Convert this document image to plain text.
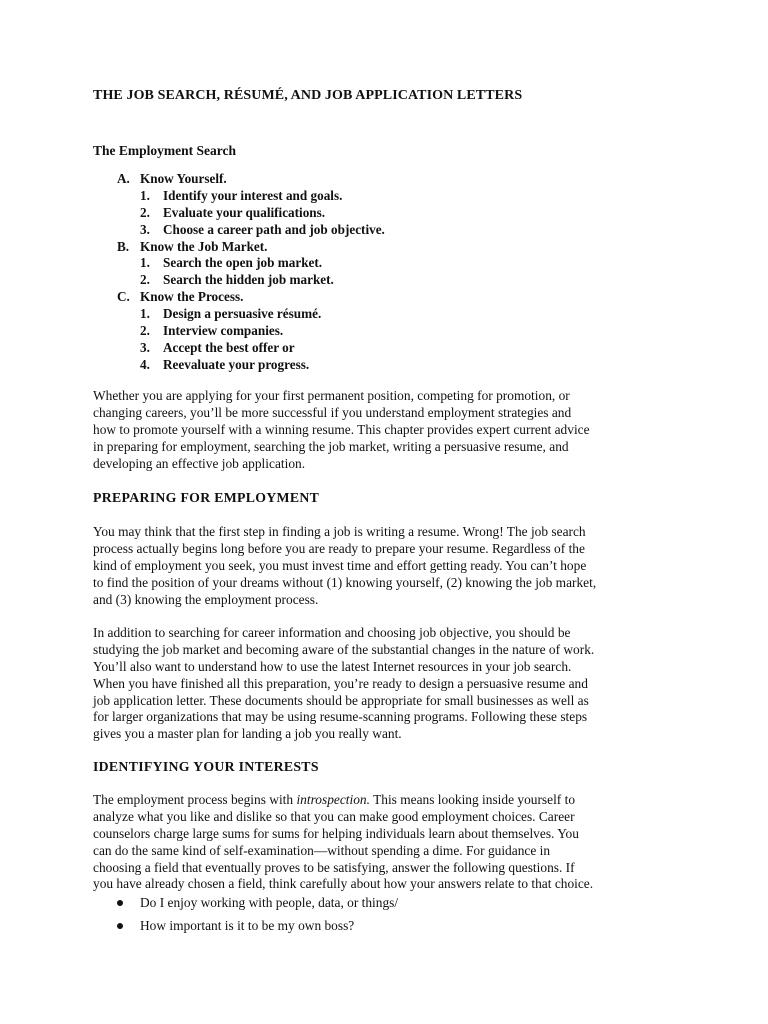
THE JOB SEARCH, RÉSUMÉ, AND JOB APPLICATION LETTERS
The Employment Search
A. Know Yourself.
1. Identify your interest and goals.
2. Evaluate your qualifications.
3. Choose a career path and job objective.
B. Know the Job Market.
1. Search the open job market.
2. Search the hidden job market.
C. Know the Process.
1. Design a persuasive résumé.
2. Interview companies.
3. Accept the best offer or
4. Reevaluate your progress.
Whether you are applying for your first permanent position, competing for promotion, or
changing careers, you’ll be more successful if you understand employment strategies and
how to promote yourself with a winning resume. This chapter provides expert current advice
in preparing for employment, searching the job market, writing a persuasive resume, and
developing an effective job application.
PREPARING FOR EMPLOYMENT
You may think that the first step in finding a job is writing a resume. Wrong! The job search
process actually begins long before you are ready to prepare your resume. Regardless of the
kind of employment you seek, you must invest time and effort getting ready. You can’t hope
to find the position of your dreams without (1) knowing yourself, (2) knowing the job market,
and (3) knowing the employment process.
In addition to searching for career information and choosing job objective, you should be
studying the job market and becoming aware of the substantial changes in the nature of work.
You’ll also want to understand how to use the latest Internet resources in your job search.
When you have finished all this preparation, you’re ready to design a persuasive resume and
job application letter. These documents should be appropriate for small businesses as well as
for larger organizations that may be using resume-scanning programs. Following these steps
gives you a master plan for landing a job you really want.
IDENTIFYING YOUR INTERESTS
The employment process begins with introspection. This means looking inside yourself to
analyze what you like and dislike so that you can make good employment choices. Career
counselors charge large sums for sums for helping individuals learn about themselves. You
can do the same kind of self-examination—without spending a dime. For guidance in
choosing a field that eventually proves to be satisfying, answer the following questions. If
you have already chosen a field, think carefully about how your answers relate to that choice.
Do I enjoy working with people, data, or things/
How important is it to be my own boss?
